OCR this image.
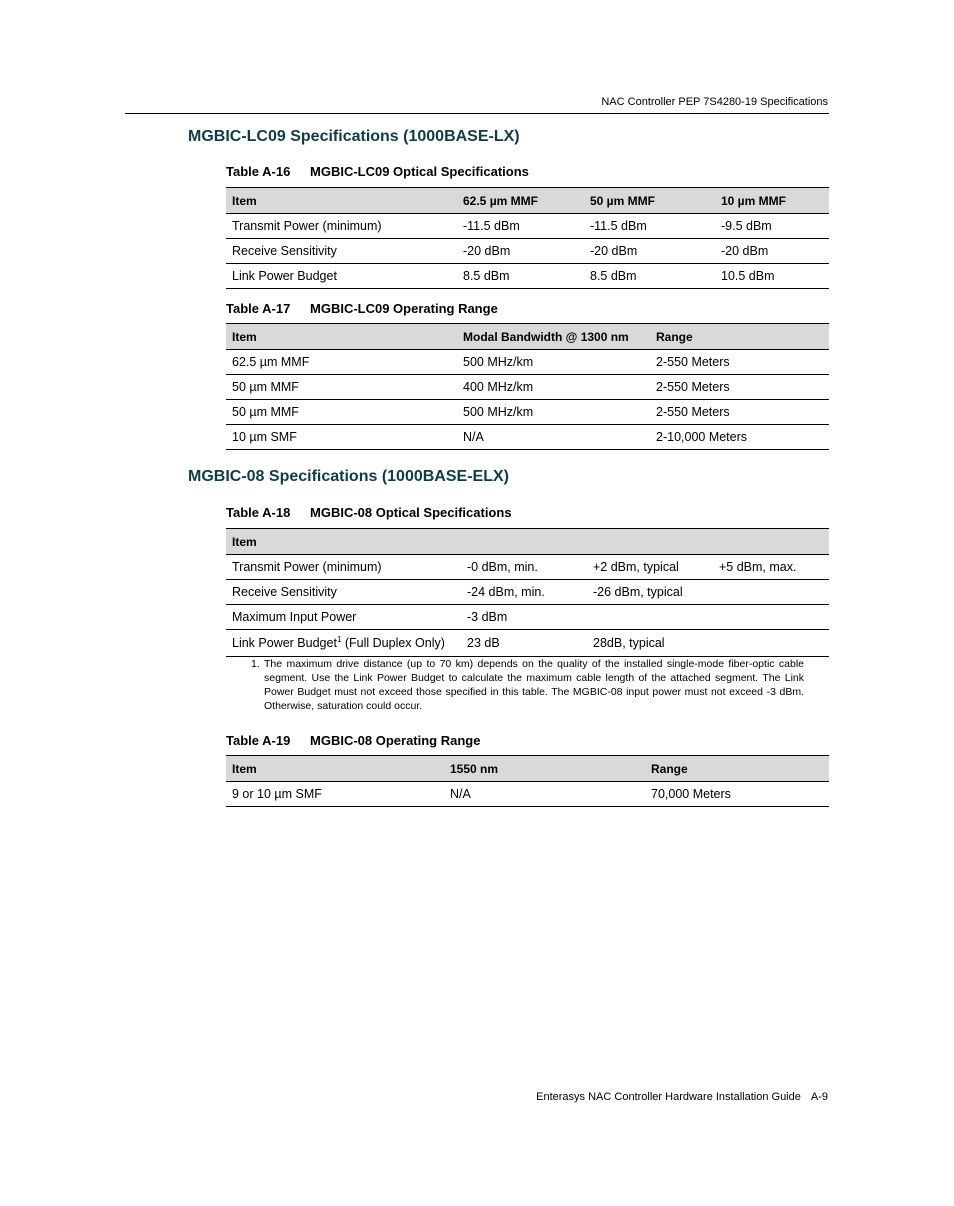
NAC Controller PEP 7S4280-19 Specifications
MGBIC-LC09 Specifications (1000BASE-LX)
Table A-16 MGBIC-LC09 Optical Specifications
Item	62.5 µm MMF	50 µm MMF	10 µm MMF
Transmit Power (minimum)	-11.5 dBm	-11.5 dBm	-9.5 dBm
Receive Sensitivity	-20 dBm	-20 dBm	-20 dBm
Link Power Budget	8.5 dBm	8.5 dBm	10.5 dBm
Table A-17 MGBIC-LC09 Operating Range
Item	Modal Bandwidth @ 1300 nm	Range
62.5 µm MMF	500 MHz/km	2-550 Meters
50 µm MMF	400 MHz/km	2-550 Meters
50 µm MMF	500 MHz/km	2-550 Meters
10 µm SMF	N/A	2-10,000 Meters
MGBIC-08 Specifications (1000BASE-ELX)
Table A-18 MGBIC-08 Optical Specifications
Item			
Transmit Power (minimum)	-0 dBm, min.	+2 dBm, typical	+5 dBm, max.
Receive Sensitivity	-24 dBm, min.	-26 dBm, typical	
Maximum Input Power	-3 dBm		
Link Power Budget$^1$ (Full Duplex Only)	23 dB	28dB, typical	
1. The maximum drive distance (up to 70 km) depends on the quality of the installed single-mode fiber-optic cable segment. Use the Link Power Budget to calculate the maximum cable length of the attached segment. The Link Power Budget must not exceed those specified in this table. The MGBIC-08 input power must not exceed -3 dBm. Otherwise, saturation could occur.
Table A-19 MGBIC-08 Operating Range
Item	1550 nm	Range
9 or 10 µm SMF	N/A	70,000 Meters
Enterasys NAC Controller Hardware Installation Guide A-9
